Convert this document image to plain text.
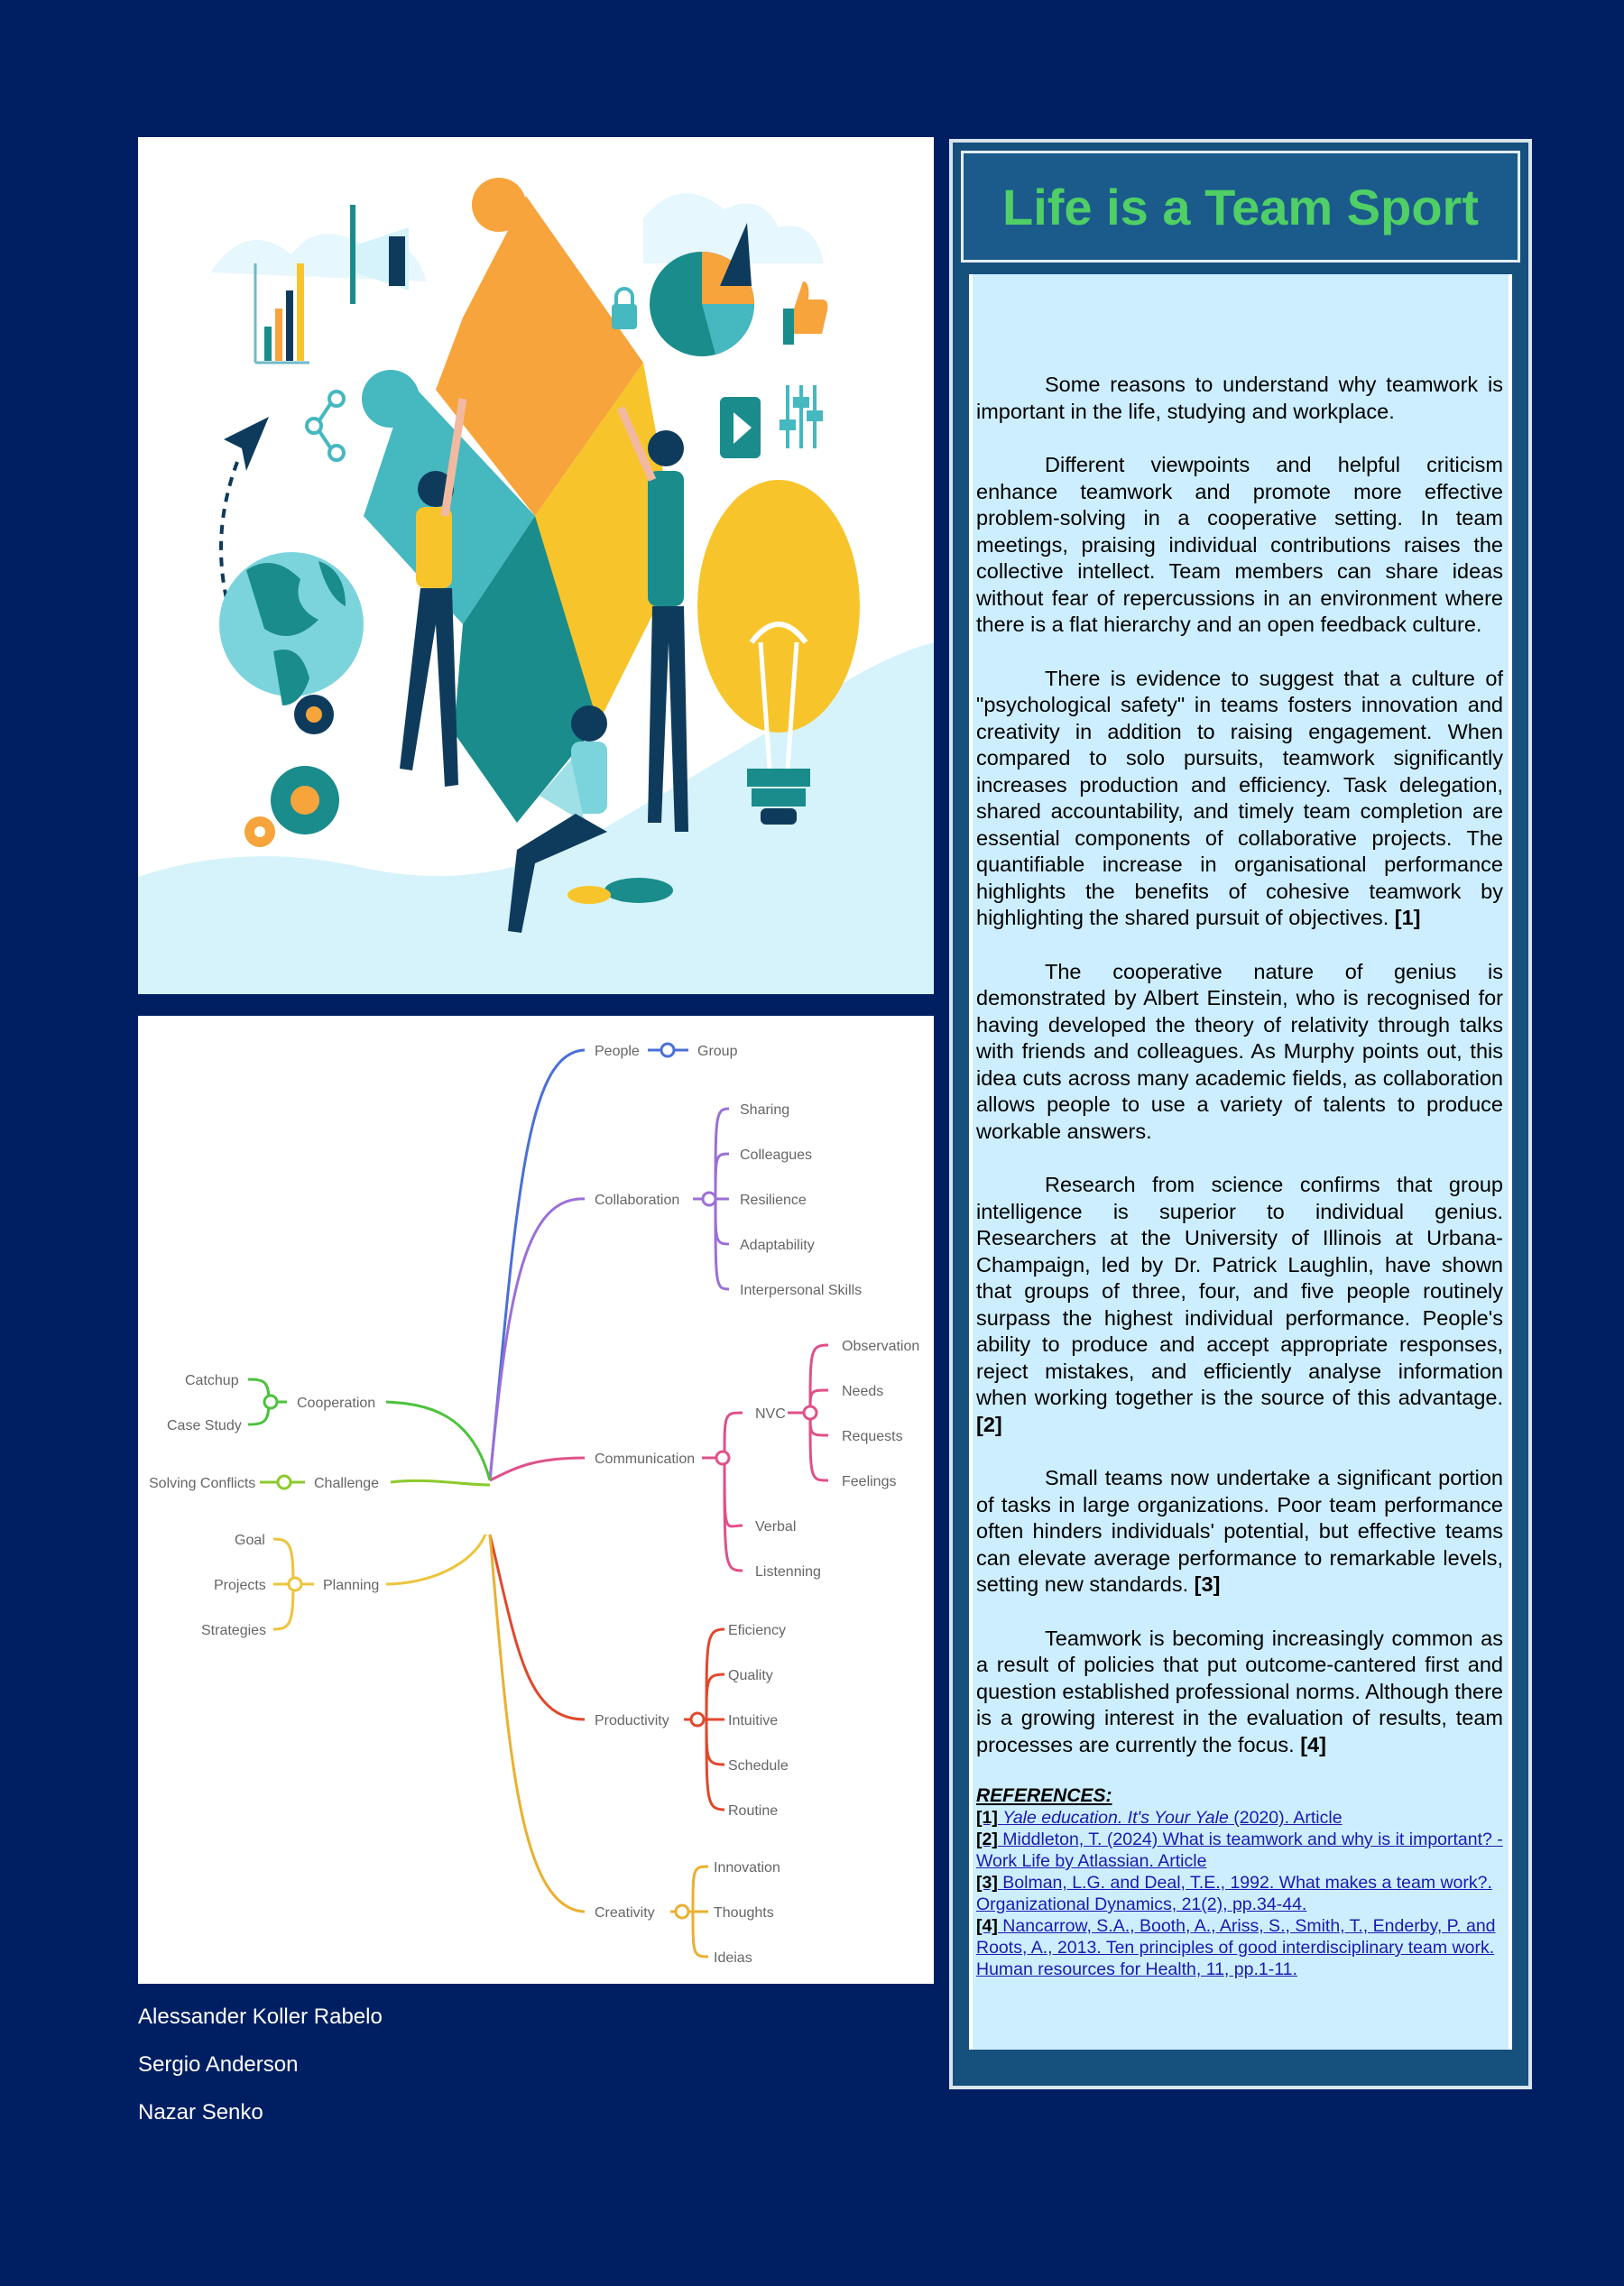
People	Group
Collaboration
Sharing
Colleagues
Resilience
Adaptability
Interpersonal Skills
Communication
NVC
Observation
Needs
Requests
Feelings
Verbal
Listenning
Productivity
Eficiency
Quality
Intuitive
Schedule
Routine
Creativity
Innovation
Thoughts
Ideias
Cooperation
Catchup
Case Study
Challenge
Solving Conflicts
Planning
Goal
Projects
Strategies
Alessander Koller Rabelo
Sergio Anderson
Nazar Senko
Life is a Team Sport

Some reasons to understand why teamwork is important in the life, studying and workplace.

Different viewpoints and helpful criticism enhance teamwork and promote more effective problem-solving in a cooperative setting. In team meetings, praising individual contributions raises the collective intellect. Team members can share ideas without fear of repercussions in an environment where there is a flat hierarchy and an open feedback culture.

There is evidence to suggest that a culture of "psychological safety" in teams fosters innovation and creativity in addition to raising engagement. When compared to solo pursuits, teamwork significantly increases production and efficiency. Task delegation, shared accountability, and timely team completion are essential components of collaborative projects. The quantifiable increase in organisational performance highlights the benefits of cohesive teamwork by highlighting the shared pursuit of objectives. [1]

The cooperative nature of genius is demonstrated by Albert Einstein, who is recognised for having developed the theory of relativity through talks with friends and colleagues. As Murphy points out, this idea cuts across many academic fields, as collaboration allows people to use a variety of talents to produce workable answers.

Research from science confirms that group intelligence is superior to individual genius. Researchers at the University of Illinois at Urbana-Champaign, led by Dr. Patrick Laughlin, have shown that groups of three, four, and five people routinely surpass the highest individual performance. People's ability to produce and accept appropriate responses, reject mistakes, and efficiently analyse information when working together is the source of this advantage. [2]

Small teams now undertake a significant portion of tasks in large organizations. Poor team performance often hinders individuals' potential, but effective teams can elevate average performance to remarkable levels, setting new standards. [3]

Teamwork is becoming increasingly common as a result of policies that put outcome-cantered first and question established professional norms. Although there is a growing interest in the evaluation of results, team processes are currently the focus. [4]

REFERENCES:

[1] Yale education. It's Your Yale (2020). Article

[2] Middleton, T. (2024) What is teamwork and why is it important? - Work Life by Atlassian. Article

[3] Bolman, L.G. and Deal, T.E., 1992. What makes a team work?. Organizational Dynamics, 21(2), pp.34-44.

[4] Nancarrow, S.A., Booth, A., Ariss, S., Smith, T., Enderby, P. and Roots, A., 2013. Ten principles of good interdisciplinary team work. Human resources for Health, 11, pp.1-11.
